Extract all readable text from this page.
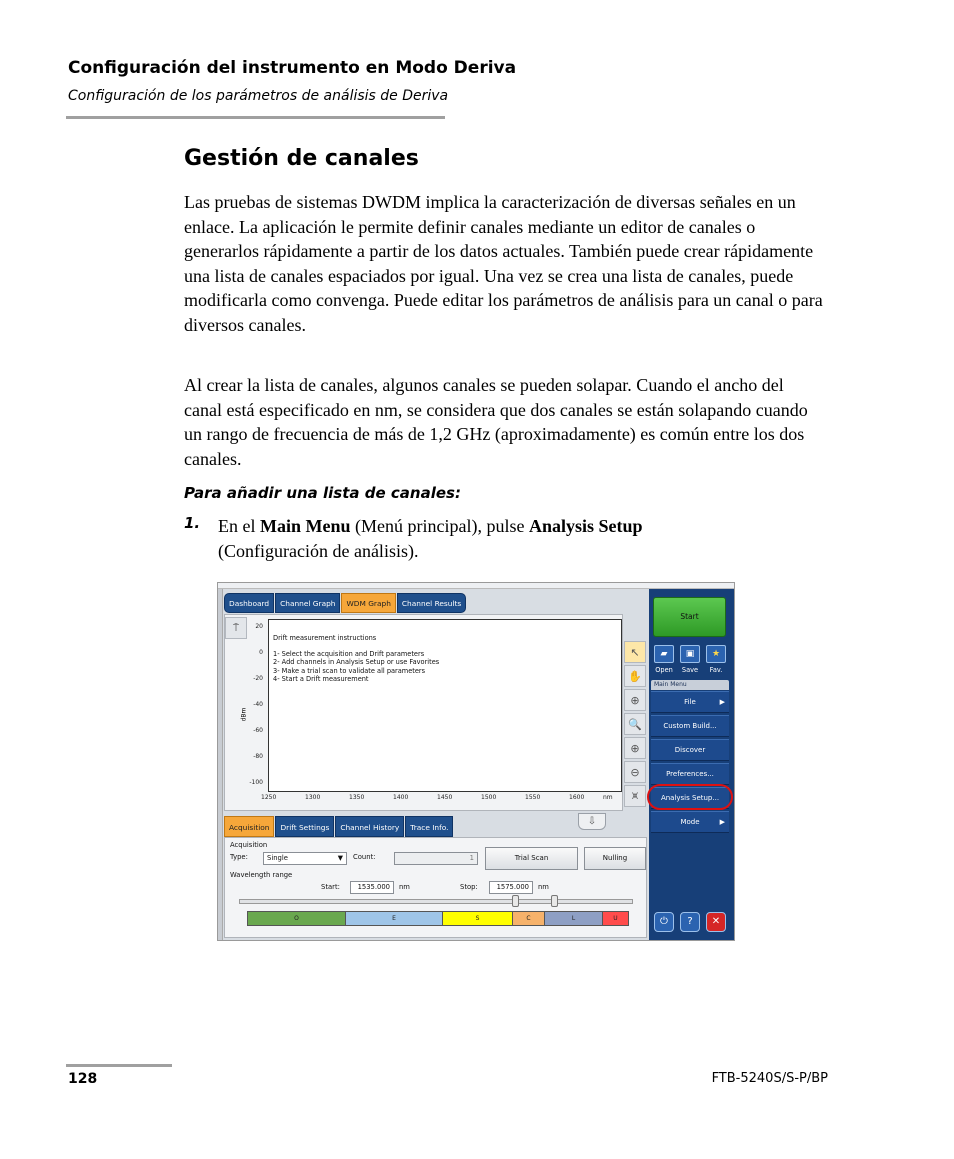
Configuración del instrumento en Modo Deriva
Configuración de los parámetros de análisis de Deriva
Gestión de canales
Las pruebas de sistemas DWDM implica la caracterización de diversas señales en un enlace. La aplicación le permite definir canales mediante un editor de canales o generarlos rápidamente a partir de los datos actuales. También puede crear rápidamente una lista de canales espaciados por igual. Una vez se crea una lista de canales, puede modificarla como convenga. Puede editar los parámetros de análisis para un canal o para diversos canales.
Al crear la lista de canales, algunos canales se pueden solapar. Cuando el ancho del canal está especificado en nm, se considera que dos canales se están solapando cuando un rango de frecuencia de más de 1,2 GHz (aproximadamente) es común entre los dos canales.
Para añadir una lista de canales:
1. En el Main Menu (Menú principal), pulse Analysis Setup
(Configuración de análisis).
Dashboard	Channel Graph	WDM Graph	Channel Results
⍑
dBm
20
0
-20
-40
-60
-80
-100
Drift measurement instructions
1- Select the acquisition and Drift parameters
2- Add channels in Analysis Setup or use Favorites
3- Make a trial scan to validate all parameters
4- Start a Drift measurement
1250	1300	1350	1400	1450	1500	1550	1600	nm
↖
✋
⊕
🔍
⊕
⊖
⩙
⇩
Acquisition	Drift Settings	Channel History	Trace Info.
Acquisition
Type:	Single	▼ Count:	1	Trial Scan	Nulling
Wavelength range
Start:	1535.000	nm	Stop:	1575.000	nm
O	E	S	C	L	U
Start
▰	▣	★
Open	Save	Fav.
Main Menu
File	▶
Custom Build...
Discover
Preferences...
Analysis Setup...
Mode	▶
⏻	?	✕
128	FTB-5240S/S-P/BP
